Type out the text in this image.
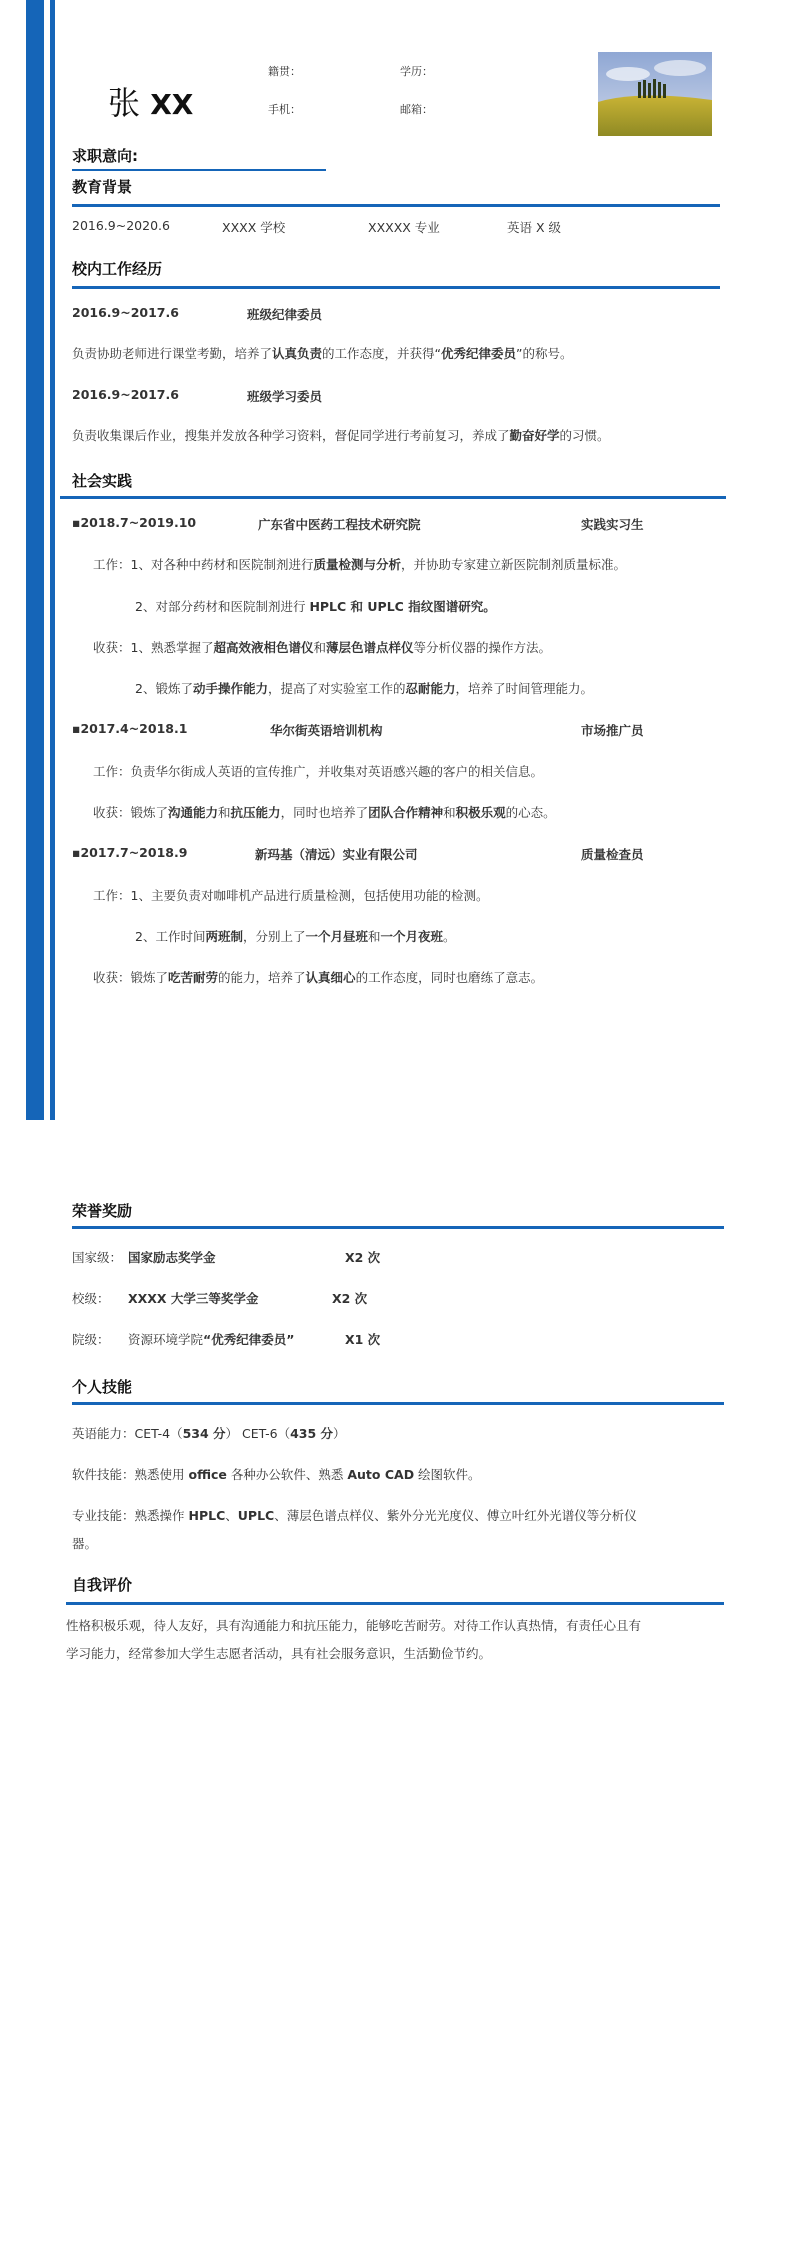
张 XX
籍贯：	学历：
手机：	邮箱：
求职意向:
教育背景
2016.9~2020.6	XXXX 学校	XXXXX 专业	英语 X 级
校内工作经历
2016.9~2017.6	班级纪律委员
负责协助老师进行课堂考勤，培养了认真负责的工作态度，并获得“优秀纪律委员”的称号。
2016.9~2017.6	班级学习委员
负责收集课后作业，搜集并发放各种学习资料，督促同学进行考前复习，养成了勤奋好学的习惯。
社会实践
▪2018.7~2019.10	广东省中医药工程技术研究院	实践实习生
工作：1、对各种中药材和医院制剂进行质量检测与分析，并协助专家建立新医院制剂质量标准。
2、对部分药材和医院制剂进行 HPLC 和 UPLC 指纹图谱研究。
收获：1、熟悉掌握了超高效液相色谱仪和薄层色谱点样仪等分析仪器的操作方法。
2、锻炼了动手操作能力，提高了对实验室工作的忍耐能力，培养了时间管理能力。
▪2017.4~2018.1	华尔街英语培训机构	市场推广员
工作：负责华尔街成人英语的宣传推广，并收集对英语感兴趣的客户的相关信息。
收获：锻炼了沟通能力和抗压能力，同时也培养了团队合作精神和积极乐观的心态。
▪2017.7~2018.9	新玛基（清远）实业有限公司	质量检查员
工作：1、主要负责对咖啡机产品进行质量检测，包括使用功能的检测。
2、工作时间两班制，分别上了一个月昼班和一个月夜班。
收获：锻炼了吃苦耐劳的能力，培养了认真细心的工作态度，同时也磨练了意志。
荣誉奖励
国家级： 国家励志奖学金	X2 次
校级： XXXX 大学三等奖学金	X2 次
院级： 资源环境学院“优秀纪律委员”	X1 次
个人技能
英语能力：CET-4（534 分） CET-6（435 分）
软件技能：熟悉使用 office 各种办公软件、熟悉 Auto CAD 绘图软件。
专业技能：熟悉操作 HPLC、UPLC、薄层色谱点样仪、紫外分光光度仪、傅立叶红外光谱仪等分析仪
器。
自我评价
性格积极乐观，待人友好，具有沟通能力和抗压能力，能够吃苦耐劳。对待工作认真热情，有责任心且有
学习能力，经常参加大学生志愿者活动，具有社会服务意识，生活勤俭节约。
